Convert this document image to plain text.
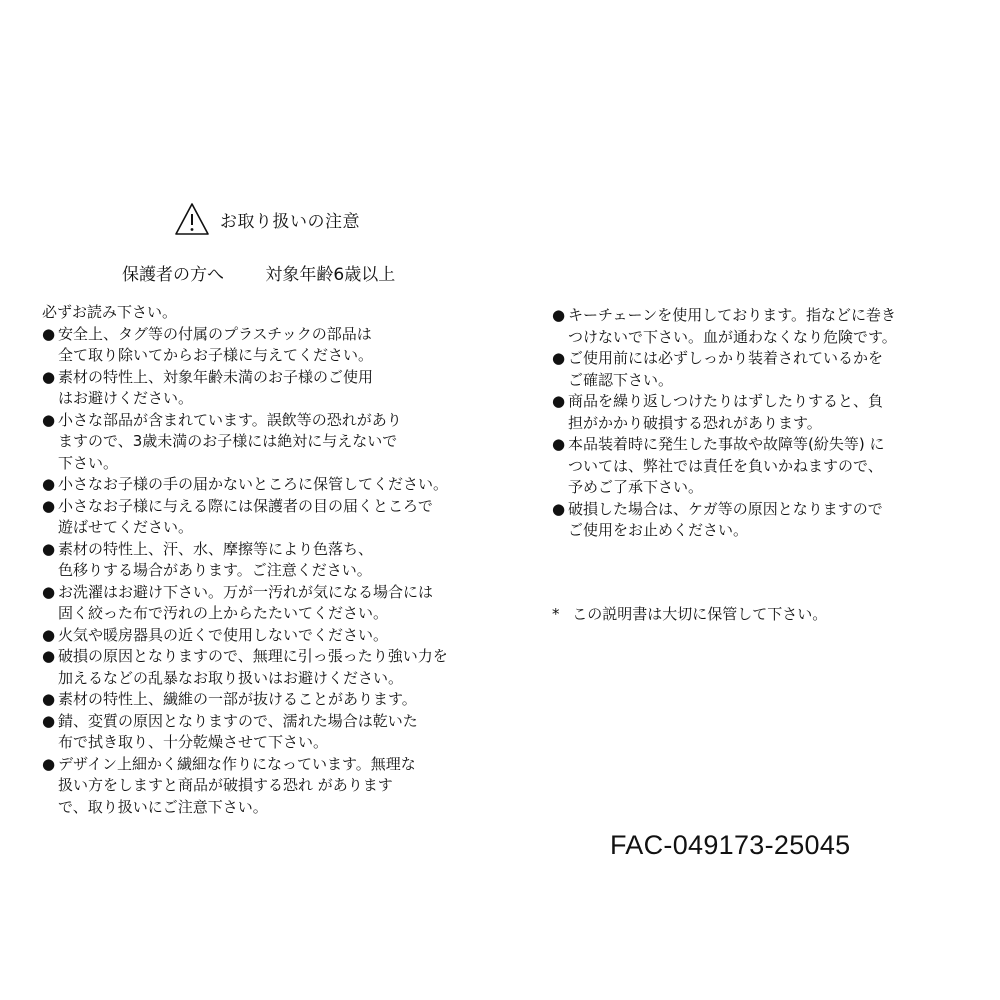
お取り扱いの注意
保護者の方へ 対象年齢6歳以上
必ずお読み下さい。
● 安全上、タグ等の付属のプラスチックの部品は
全て取り除いてからお子様に与えてください。
● 素材の特性上、対象年齢未満のお子様のご使用
はお避けください。
● 小さな部品が含まれています。誤飲等の恐れがあり
ますので、3歳未満のお子様には絶対に与えないで
下さい。
● 小さなお子様の手の届かないところに保管してください。
● 小さなお子様に与える際には保護者の目の届くところで
遊ばせてください。
● 素材の特性上、汗、水、摩擦等により色落ち、
色移りする場合があります。ご注意ください。
● お洗濯はお避け下さい。万が一汚れが気になる場合には
固く絞った布で汚れの上からたたいてください。
● 火気や暖房器具の近くで使用しないでください。
● 破損の原因となりますので、無理に引っ張ったり強い力を
加えるなどの乱暴なお取り扱いはお避けください。
● 素材の特性上、繊維の一部が抜けることがあります。
● 錆、変質の原因となりますので、濡れた場合は乾いた
布で拭き取り、十分乾燥させて下さい。
● デザイン上細かく繊細な作りになっています。無理な
扱い方をしますと商品が破損する恐れ があります
で、取り扱いにご注意下さい。
● キーチェーンを使用しております。指などに巻き
つけないで下さい。血が通わなくなり危険です。
● ご使用前には必ずしっかり装着されているかを
ご確認下さい。
● 商品を繰り返しつけたりはずしたりすると、負
担がかかり破損する恐れがあります。
● 本品装着時に発生した事故や故障等(紛失等) に
ついては、弊社では責任を負いかねますので、
予めご了承下さい。
● 破損した場合は、ケガ等の原因となりますので
ご使用をお止めください。
* この説明書は大切に保管して下さい。
FAC-049173-25045
